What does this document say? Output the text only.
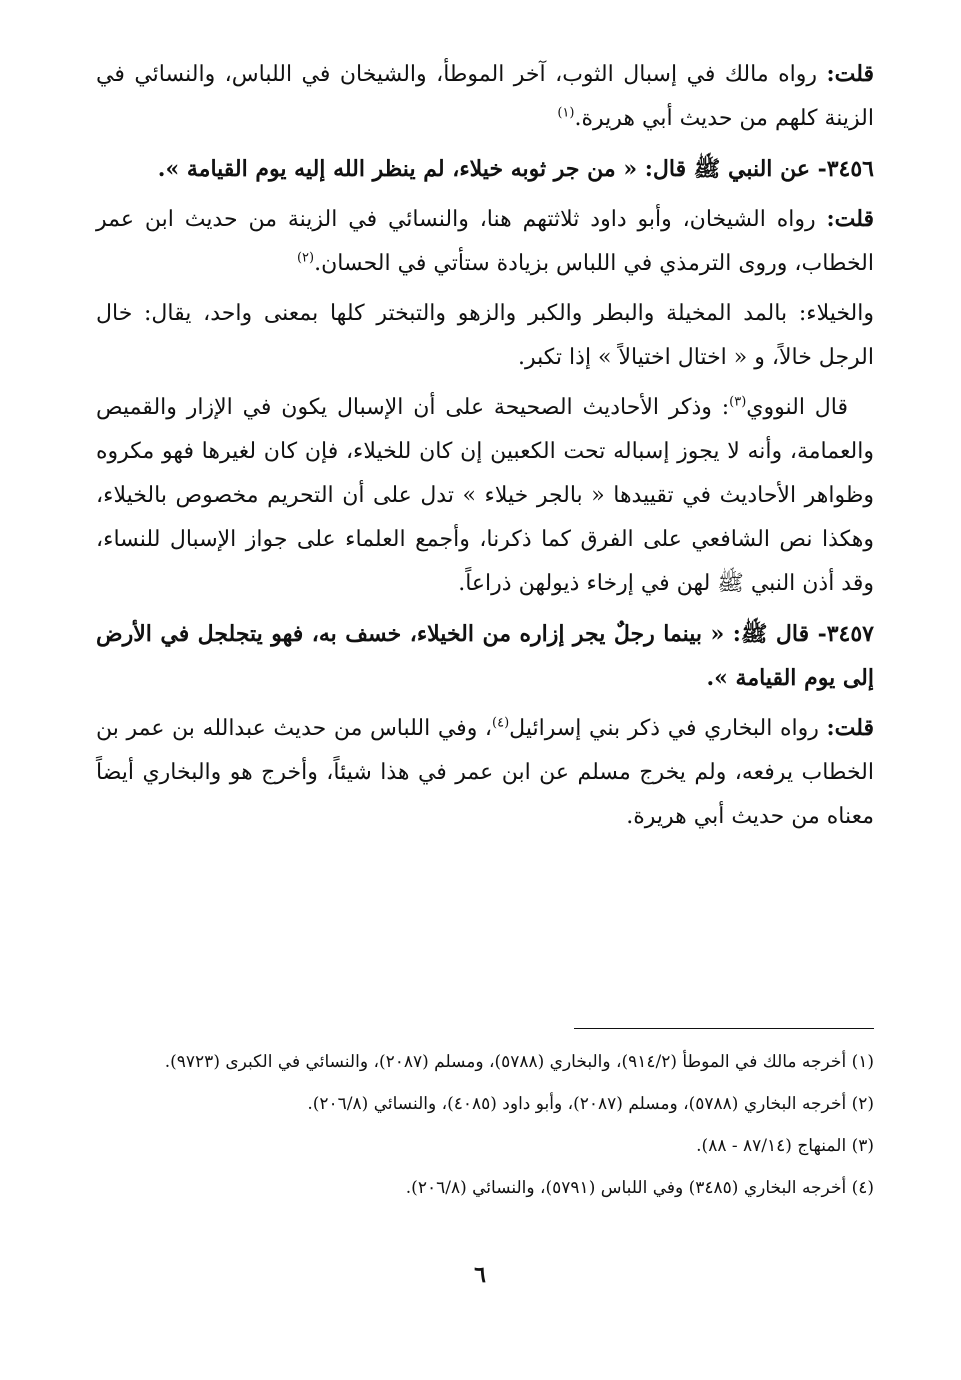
قلت: رواه مالك في إسبال الثوب، آخر الموطأ، والشيخان في اللباس، والنسائي في الزينة كلهم من حديث أبي هريرة.$^{(١)}$

٣٤٥٦- عن النبي ﷺ قال: « من جر ثوبه خيلاء، لم ينظر الله إليه يوم القيامة ».

قلت: رواه الشيخان، وأبو داود ثلاثتهم هنا، والنسائي في الزينة من حديث ابن عمر الخطاب، وروى الترمذي في اللباس بزيادة ستأتي في الحسان.$^{(٢)}$

والخيلاء: بالمد المخيلة والبطر والكبر والزهو والتبختر كلها بمعنى واحد، يقال: خال الرجل خالاً، و « اختال اختيالاً » إذا تكبر.

قال النووي$^{(٣)}$: وذكر الأحاديث الصحيحة على أن الإسبال يكون في الإزار والقميص والعمامة، وأنه لا يجوز إسباله تحت الكعبين إن كان للخيلاء، فإن كان لغيرها فهو مكروه وظواهر الأحاديث في تقييدها « بالجر خيلاء » تدل على أن التحريم مخصوص بالخيلاء، وهكذا نص الشافعي على الفرق كما ذكرنا، وأجمع العلماء على جواز الإسبال للنساء، وقد أذن النبي ﷺ لهن في إرخاء ذيولهن ذراعاً.

٣٤٥٧- قال ﷺ: « بينما رجلٌ يجر إزاره من الخيلاء، خسف به، فهو يتجلجل في الأرض إلى يوم القيامة ».

قلت: رواه البخاري في ذكر بني إسرائيل$^{(٤)}$، وفي اللباس من حديث عبدالله بن عمر بن الخطاب يرفعه، ولم يخرج مسلم عن ابن عمر في هذا شيئاً، وأخرج هو والبخاري أيضاً معناه من حديث أبي هريرة.

(١) أخرجه مالك في الموطأ (٩١٤/٢)، والبخاري (٥٧٨٨)، ومسلم (٢٠٨٧)، والنسائي في الكبرى (٩٧٢٣).

(٢) أخرجه البخاري (٥٧٨٨)، ومسلم (٢٠٨٧)، وأبو داود (٤٠٨٥)، والنسائي (٢٠٦/٨).

(٣) المنهاج (٨٧/١٤ - ٨٨).

(٤) أخرجه البخاري (٣٤٨٥) وفي اللباس (٥٧٩١)، والنسائي (٢٠٦/٨).

٦
